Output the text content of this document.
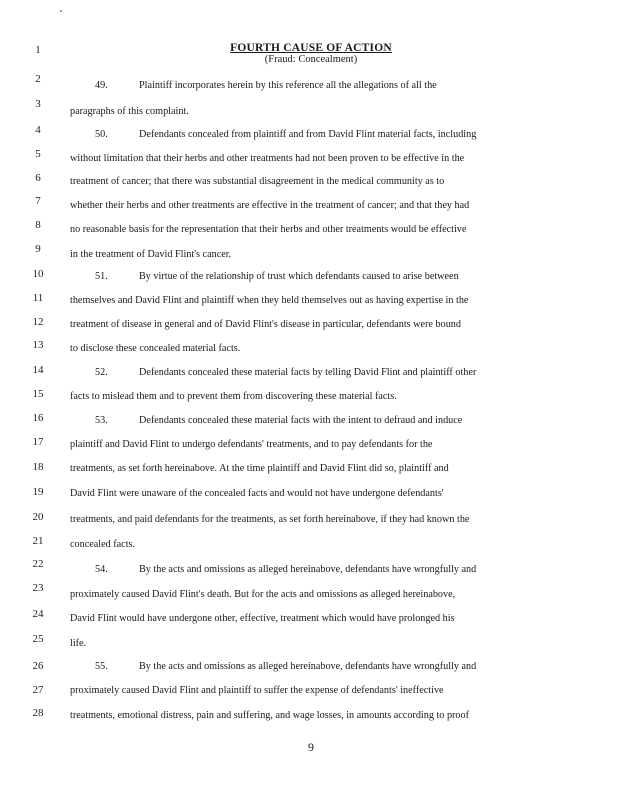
FOURTH CAUSE OF ACTION
(Fraud: Concealment)
1
2
3
4
5
6
7
8
9
10
11
12
13
14
15
16
17
18
19
20
21
22
23
24
25
26
27
28
49.	Plaintiff incorporates herein by this reference all the allegations of all the
paragraphs of this complaint.
50.	Defendants concealed from plaintiff and from David Flint material facts, including
without limitation that their herbs and other treatments had not been proven to be effective in the
treatment of cancer; that there was substantial disagreement in the medical community as to
whether their herbs and other treatments are effective in the treatment of cancer; and that they had
no reasonable basis for the representation that their herbs and other treatments would be effective
in the treatment of David Flint's cancer.
51.	By virtue of the relationship of trust which defendants caused to arise between
themselves and David Flint and plaintiff when they held themselves out as having expertise in the
treatment of disease in general and of David Flint's disease in particular, defendants were bound
to disclose these concealed material facts.
52.	Defendants concealed these material facts by telling David Flint and plaintiff other
facts to mislead them and to prevent them from discovering these material facts.
53.	Defendants concealed these material facts with the intent to defraud and induce
plaintiff and David Flint to undergo defendants' treatments, and to pay defendants for the
treatments, as set forth hereinabove. At the time plaintiff and David Flint did so, plaintiff and
David Flint were unaware of the concealed facts and would not have undergone defendants'
treatments, and paid defendants for the treatments, as set forth hereinabove, if they had known the
concealed facts.
54.	By the acts and omissions as alleged hereinabove, defendants have wrongfully and
proximately caused David Flint's death. But for the acts and omissions as alleged hereinabove,
David Flint would have undergone other, effective, treatment which would have prolonged his
life.
55.	By the acts and omissions as alleged hereinabove, defendants have wrongfully and
proximately caused David Flint and plaintiff to suffer the expense of defendants' ineffective
treatments, emotional distress, pain and suffering, and wage losses, in amounts according to proof
9
